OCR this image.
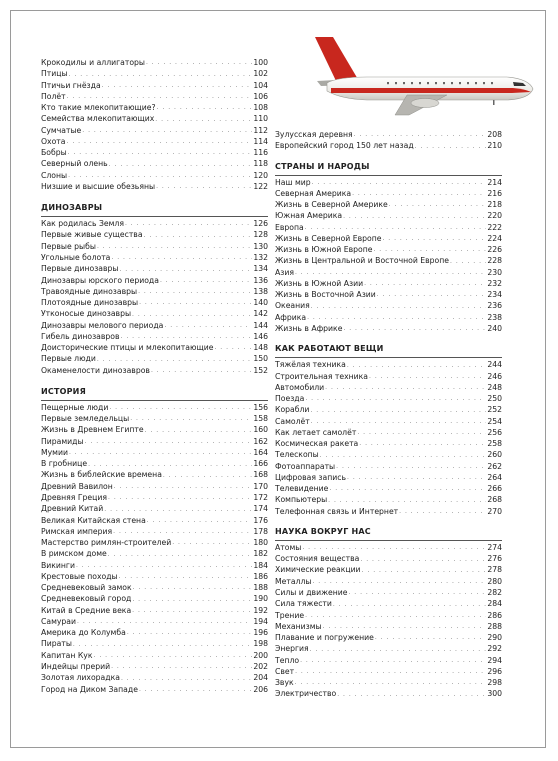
Крокодилы и аллигаторы . . .	100
Птицы . . .	102
Птичьи гнёзда . . .	104
Полёт . . .	106
Кто такие млекопитающие? . . .	108
Семейства млекопитающих . . .	110
Сумчатые . . .	112
Охота . . .	114
Бобры . . .	116
Северный олень . . .	118
Слоны . . .	120
Низшие и высшие обезьяны . . .	122
ДИНОЗАВРЫ
Как родилась Земля . . .	126
Первые живые существа . . .	128
Первые рыбы . . .	130
Угольные болота . . .	132
Первые динозавры . . .	134
Динозавры юрского периода . . .	136
Травоядные динозавры . . .	138
Плотоядные динозавры . . .	140
Утконосые динозавры . . .	142
Динозавры мелового периода . . .	144
Гибель динозавров . . .	146
Доисторические птицы и млекопитающие . . .	148
Первые люди . . .	150
Окаменелости динозавров . . .	152
ИСТОРИЯ
Пещерные люди . . .	156
Первые земледельцы . . .	158
Жизнь в Древнем Египте . . .	160
Пирамиды . . .	162
Мумии . . .	164
В гробнице . . .	166
Жизнь в библейские времена . . .	168
Древний Вавилон . . .	170
Древняя Греция . . .	172
Древний Китай . . .	174
Великая Китайская стена . . .	176
Римская империя . . .	178
Мастерство римлян-строителей . . .	180
В римском доме . . .	182
Викинги . . .	184
Крестовые походы . . .	186
Средневековый замок . . .	188
Средневековый город . . .	190
Китай в Средние века . . .	192
Самураи . . .	194
Америка до Колумба . . .	196
Пираты . . .	198
Капитан Кук . . .	200
Индейцы прерий . . .	202
Золотая лихорадка . . .	204
Город на Диком Западе . . .	206
Зулусская деревня . . .	208
Европейский город 150 лет назад . . .	210
СТРАНЫ И НАРОДЫ
Наш мир . . .	214
Северная Америка . . .	216
Жизнь в Северной Америке . . .	218
Южная Америка . . .	220
Европа . . .	222
Жизнь в Северной Европе . . .	224
Жизнь в Южной Европе . . .	226
Жизнь в Центральной и Восточной Европе . . .	228
Азия . . .	230
Жизнь в Южной Азии . . .	232
Жизнь в Восточной Азии . . .	234
Океания . . .	236
Африка . . .	238
Жизнь в Африке . . .	240
КАК РАБОТАЮТ ВЕЩИ
Тяжёлая техника . . .	244
Строительная техника . . .	246
Автомобили . . .	248
Поезда . . .	250
Корабли . . .	252
Самолёт . . .	254
Как летает самолёт . . .	256
Космическая ракета . . .	258
Телескопы . . .	260
Фотоаппараты . . .	262
Цифровая запись . . .	264
Телевидение . . .	266
Компьютеры . . .	268
Телефонная связь и Интернет . . .	270
НАУКА ВОКРУГ НАС
Атомы . . .	274
Состояния вещества . . .	276
Химические реакции . . .	278
Металлы . . .	280
Силы и движение . . .	282
Сила тяжести . . .	284
Трение . . .	286
Механизмы . . .	288
Плавание и погружение . . .	290
Энергия . . .	292
Тепло . . .	294
Свет . . .	296
Звук . . .	298
Электричество . . .	300
